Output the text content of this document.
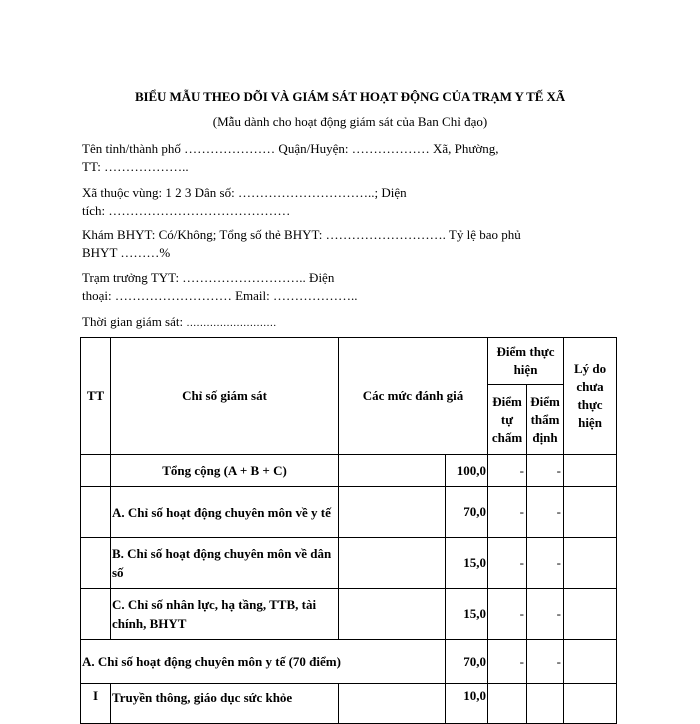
BIỂU MẪU THEO DÕI VÀ GIÁM SÁT HOẠT ĐỘNG CỦA TRẠM Y TẾ XÃ
(Mẫu dành cho hoạt động giám sát của Ban Chỉ đạo)
Tên tỉnh/thành phố ………………… Quận/Huyện: ……………… Xã, Phường,
TT: ………………..
Xã thuộc vùng: 1 2 3 Dân số: …………………………..; Diện
tích: ……………………………………
Khám BHYT: Có/Không; Tổng số thẻ BHYT: ………………………. Tỷ lệ bao phủ
BHYT ………%
Trạm trưởng TYT: ……………………….. Điện
thoại: ……………………… Email: ………………..
Thời gian giám sát: ………………………
TT	Chỉ số giám sát	Các mức đánh giá		Điểm thực hiện		Lý do chưa thực hiện
				Điểm tự chấm	Điểm thẩm định	
	Tổng cộng (A + B + C)		100,0	-	-	
	A. Chỉ số hoạt động chuyên môn về y tế		70,0	-	-	
	B. Chỉ số hoạt động chuyên môn về dân số		15,0	-	-	
	C. Chỉ số nhân lực, hạ tầng, TTB, tài chính, BHYT		15,0	-	-	
A. Chỉ số hoạt động chuyên môn y tế (70 điểm)			70,0	-	-	
I	Truyền thông, giáo dục sức khỏe		10,0			
